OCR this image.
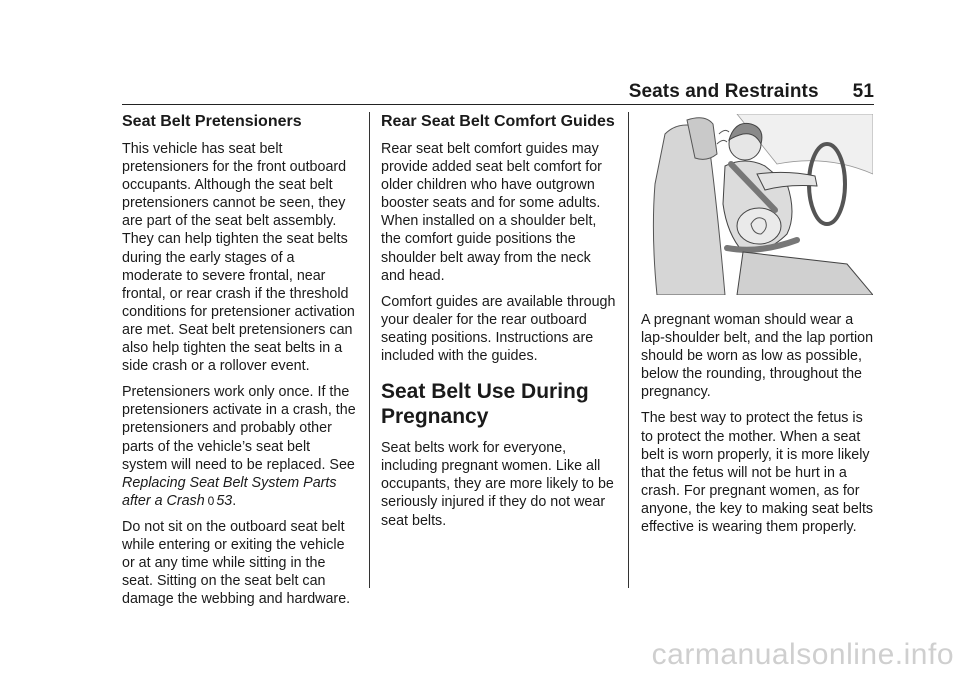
Seats and Restraints 51
Seat Belt Pretensioners

This vehicle has seat belt pretensioners for the front outboard occupants. Although the seat belt pretensioners cannot be seen, they are part of the seat belt assembly. They can help tighten the seat belts during the early stages of a moderate to severe frontal, near frontal, or rear crash if the threshold conditions for pretensioner activation are met. Seat belt pretensioners can also help tighten the seat belts in a side crash or a rollover event.

Pretensioners work only once. If the pretensioners activate in a crash, the pretensioners and probably other parts of the vehicle’s seat belt system will need to be replaced. See Replacing Seat Belt System Parts after a Crash 0 53.

Do not sit on the outboard seat belt while entering or exiting the vehicle or at any time while sitting in the seat. Sitting on the seat belt can damage the webbing and hardware.

Rear Seat Belt Comfort Guides

Rear seat belt comfort guides may provide added seat belt comfort for older children who have outgrown booster seats and for some adults. When installed on a shoulder belt, the comfort guide positions the shoulder belt away from the neck and head.

Comfort guides are available through your dealer for the rear outboard seating positions. Instructions are included with the guides.

Seat Belt Use During Pregnancy

Seat belts work for everyone, including pregnant women. Like all occupants, they are more likely to be seriously injured if they do not wear seat belts.

A pregnant woman should wear a lap-shoulder belt, and the lap portion should be worn as low as possible, below the rounding, throughout the pregnancy.

The best way to protect the fetus is to protect the mother. When a seat belt is worn properly, it is more likely that the fetus will not be hurt in a crash. For pregnant women, as for anyone, the key to making seat belts effective is wearing them properly.

carmanualsonline.info
